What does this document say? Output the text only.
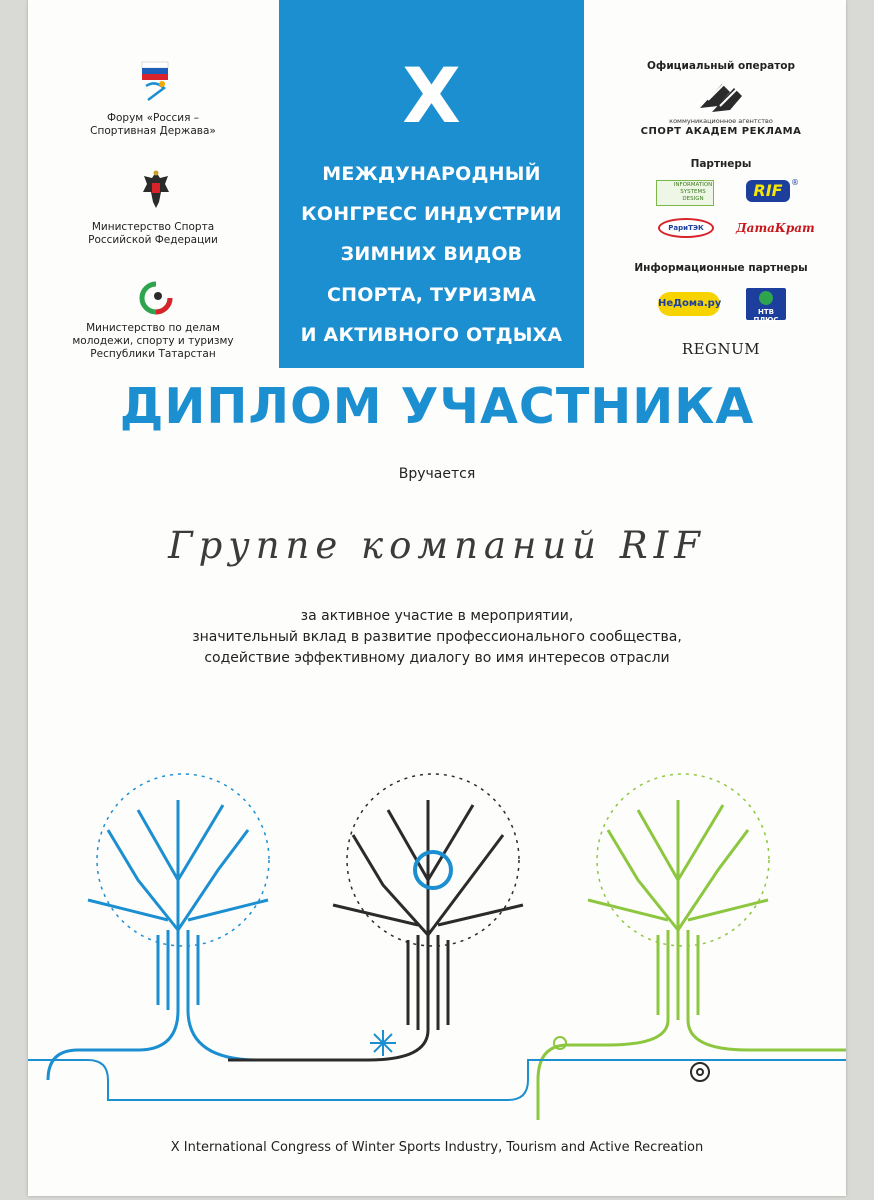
X
МЕЖДУНАРОДНЫЙ
КОНГРЕСС ИНДУСТРИИ
ЗИМНИХ ВИДОВ
СПОРТА, ТУРИЗМА
И АКТИВНОГО ОТДЫХА
Форум «Россия –
Спортивная Держава»
Министерство Спорта
Российской Федерации
Министерство по делам
молодежи, спорту и туризму
Республики Татарстан
Официальный оператор
коммуникационное агентство
СПОРТ АКАДЕМ РЕКЛАМА
Партнеры
INFORMATION
SYSTEMS
DESIGN	RIF	®
РариТЭК	ДатаКрат
Информационные партнеры
НеДома.ру
НТВ ПЛЮС
REGNUM
ДИПЛОМ УЧАСТНИКА
Вручается
Группе компаний RIF
за активное участие в мероприятии,
значительный вклад в развитие профессионального сообщества,
содействие эффективному диалогу во имя интересов отрасли
X International Congress of Winter Sports Industry, Tourism and Active Recreation
